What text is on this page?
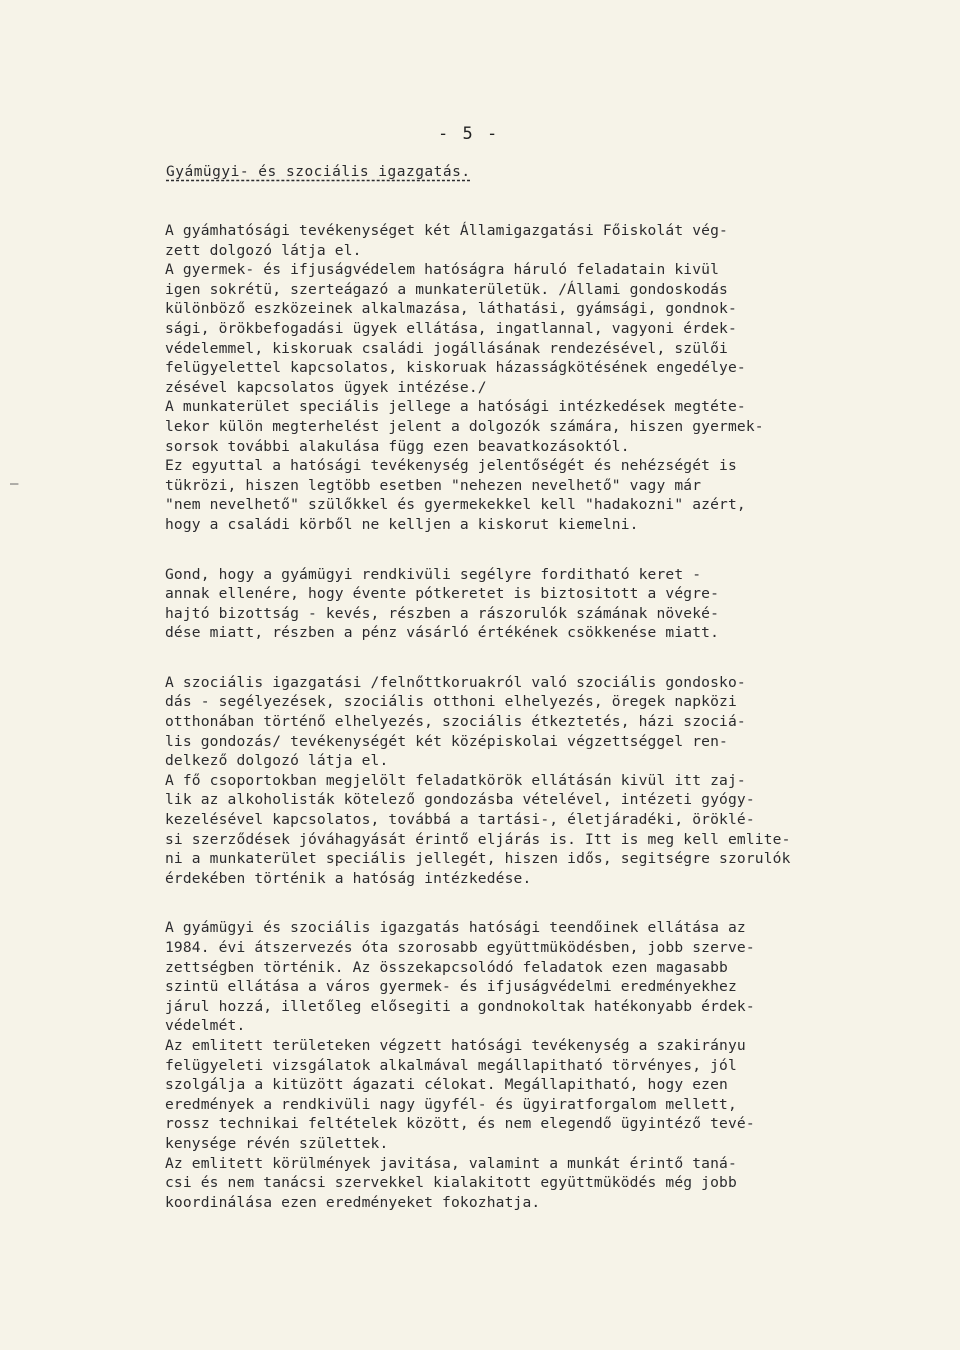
- 5 -
Gyámügyi- és szociális igazgatás.
–
A gyámhatósági tevékenységet két Államigazgatási Főiskolát vég-
zett dolgozó látja el.
A gyermek- és ifjuságvédelem hatóságra háruló feladatain kivül
igen sokrétü, szerteágazó a munkaterületük. /Állami gondoskodás
különböző eszközeinek alkalmazása, láthatási, gyámsági, gondnok-
sági, örökbefogadási ügyek ellátása, ingatlannal, vagyoni érdek-
védelemmel, kiskoruak családi jogállásának rendezésével, szülői
felügyelettel kapcsolatos, kiskoruak házasságkötésének engedélye-
zésével kapcsolatos ügyek intézése./
A munkaterület speciális jellege a hatósági intézkedések megtéte-
lekor külön megterhelést jelent a dolgozók számára, hiszen gyermek-
sorsok további alakulása függ ezen beavatkozásoktól.
Ez egyuttal a hatósági tevékenység jelentőségét és nehézségét is
tükrözi, hiszen legtöbb esetben "nehezen nevelhető" vagy már
"nem nevelhető" szülőkkel és gyermekekkel kell "hadakozni" azért,
hogy a családi körből ne kelljen a kiskorut kiemelni.
Gond, hogy a gyámügyi rendkivüli segélyre forditható keret -
annak ellenére, hogy évente pótkeretet is biztositott a végre-
hajtó bizottság - kevés, részben a rászorulók számának növeké-
dése miatt, részben a pénz vásárló értékének csökkenése miatt.
A szociális igazgatási /felnőttkoruakról való szociális gondosko-
dás - segélyezések, szociális otthoni elhelyezés, öregek napközi
otthonában történő elhelyezés, szociális étkeztetés, házi szociá-
lis gondozás/ tevékenységét két középiskolai végzettséggel ren-
delkező dolgozó látja el.
A fő csoportokban megjelölt feladatkörök ellátásán kivül itt zaj-
lik az alkoholisták kötelező gondozásba vételével, intézeti gyógy-
kezelésével kapcsolatos, továbbá a tartási-, életjáradéki, öröklé-
si szerződések jóváhagyását érintő eljárás is. Itt is meg kell emlite-
ni a munkaterület speciális jellegét, hiszen idős, segitségre szorulók
érdekében történik a hatóság intézkedése.
A gyámügyi és szociális igazgatás hatósági teendőinek ellátása az
1984. évi átszervezés óta szorosabb együttmüködésben, jobb szerve-
zettségben történik. Az összekapcsolódó feladatok ezen magasabb
szintü ellátása a város gyermek- és ifjuságvédelmi eredményekhez
járul hozzá, illetőleg elősegiti a gondnokoltak hatékonyabb érdek-
védelmét.
Az emlitett területeken végzett hatósági tevékenység a szakirányu
felügyeleti vizsgálatok alkalmával megállapitható törvényes, jól
szolgálja a kitüzött ágazati célokat. Megállapitható, hogy ezen
eredmények a rendkivüli nagy ügyfél- és ügyiratforgalom mellett,
rossz technikai feltételek között, és nem elegendő ügyintéző tevé-
kenysége révén születtek.
Az emlitett körülmények javitása, valamint a munkát érintő taná-
csi és nem tanácsi szervekkel kialakitott együttmüködés még jobb
koordinálása ezen eredményeket fokozhatja.
